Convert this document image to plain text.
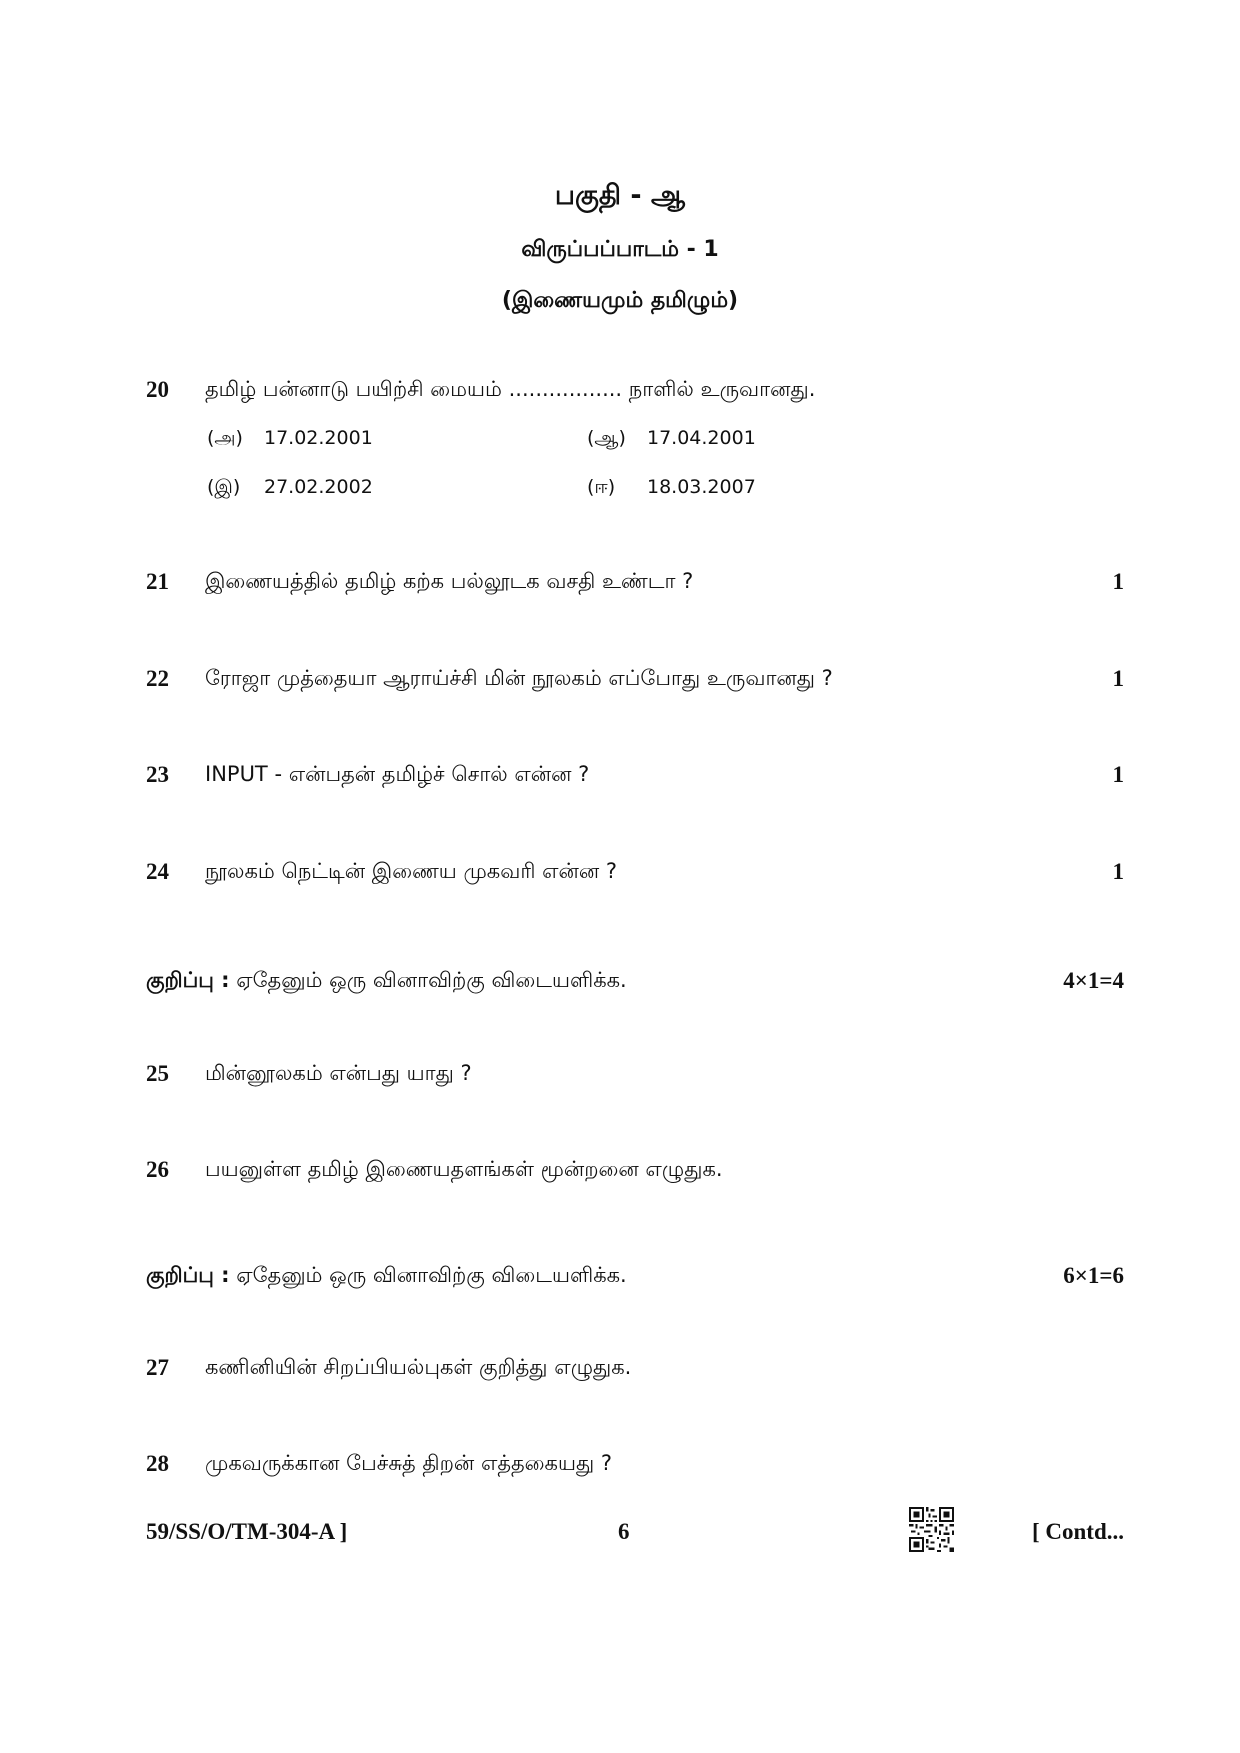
பகுதி - ஆ
விருப்பப்பாடம் - 1
(இணையமும் தமிழும்)
20 தமிழ் பன்னாடு பயிற்சி மையம் ................. நாளில் உருவானது.
(அ) 17.02.2001	(ஆ) 17.04.2001
(இ) 27.02.2002	(ஈ) 18.03.2007
21 இணையத்தில் தமிழ் கற்க பல்லூடக வசதி உண்டா ?	1
22 ரோஜா முத்தையா ஆராய்ச்சி மின் நூலகம் எப்போது உருவானது ?	1
23 INPUT - என்பதன் தமிழ்ச் சொல் என்ன ?	1
24 நூலகம் நெட்டின் இணைய முகவரி என்ன ?	1
குறிப்பு : ஏதேனும் ஒரு வினாவிற்கு விடையளிக்க.	4×1=4
25 மின்னூலகம் என்பது யாது ?
26 பயனுள்ள தமிழ் இணையதளங்கள் மூன்றனை எழுதுக.
குறிப்பு : ஏதேனும் ஒரு வினாவிற்கு விடையளிக்க.	6×1=6
27 கணினியின் சிறப்பியல்புகள் குறித்து எழுதுக.
28 முகவருக்கான பேச்சுத் திறன் எத்தகையது ?
59/SS/O/TM-304-A ]	6	[ Contd...
